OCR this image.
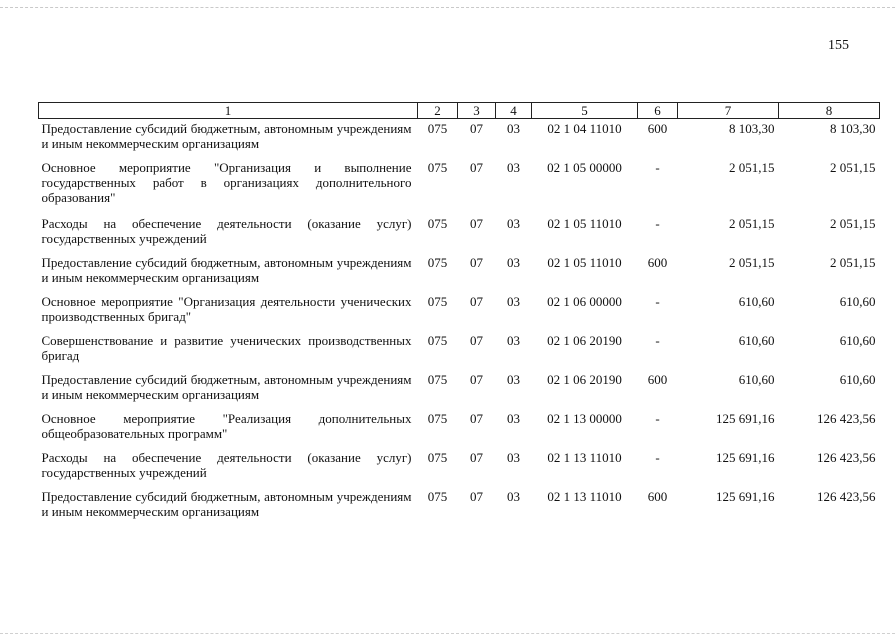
155
1	2	3	4	5	6	7	8
Предоставление субсидий бюджетным, автономным учреждениям и иным некоммерческим организациям	075	07	03	02 1 04 11010	600	8 103,30	8 103,30
Основное мероприятие "Организация и выполнение государственных работ в организациях дополнительного образования"	075	07	03	02 1 05 00000	-	2 051,15	2 051,15
Расходы на обеспечение деятельности (оказание услуг) государственных учреждений	075	07	03	02 1 05 11010	-	2 051,15	2 051,15
Предоставление субсидий бюджетным, автономным учреждениям и иным некоммерческим организациям	075	07	03	02 1 05 11010	600	2 051,15	2 051,15
Основное мероприятие "Организация деятельности ученических производственных бригад"	075	07	03	02 1 06 00000	-	610,60	610,60
Совершенствование и развитие ученических производственных бригад	075	07	03	02 1 06 20190	-	610,60	610,60
Предоставление субсидий бюджетным, автономным учреждениям и иным некоммерческим организациям	075	07	03	02 1 06 20190	600	610,60	610,60
Основное мероприятие "Реализация дополнительных общеобразовательных программ"	075	07	03	02 1 13 00000	-	125 691,16	126 423,56
Расходы на обеспечение деятельности (оказание услуг) государственных учреждений	075	07	03	02 1 13 11010	-	125 691,16	126 423,56
Предоставление субсидий бюджетным, автономным учреждениям и иным некоммерческим организациям	075	07	03	02 1 13 11010	600	125 691,16	126 423,56
